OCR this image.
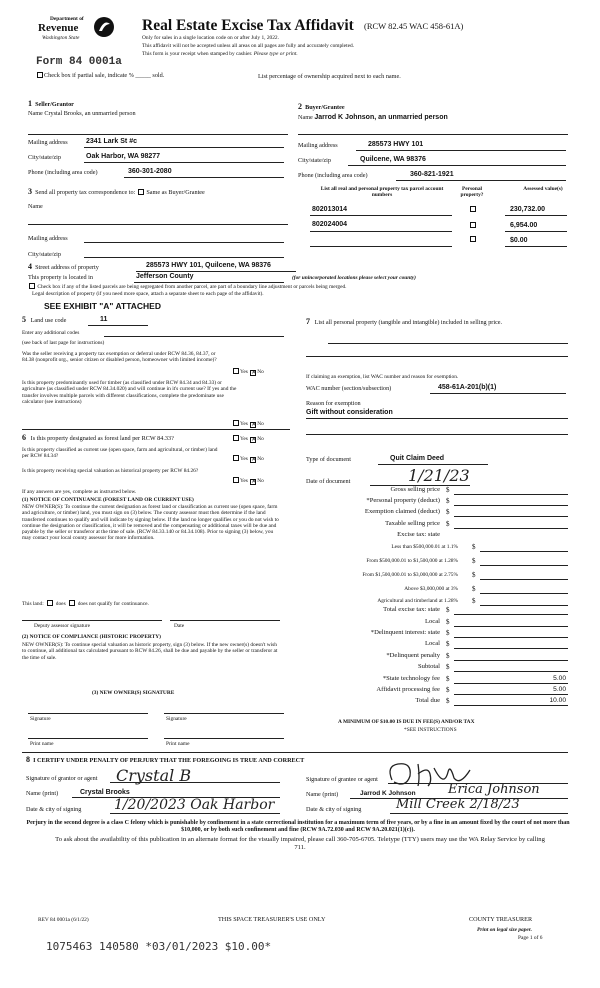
Department of
Revenue
Washington State
Real Estate Excise Tax Affidavit (RCW 82.45 WAC 458-61A)
Only for sales in a single location code on or after July 1, 2022.
This affidavit will not be accepted unless all areas on all pages are fully and accurately completed.
This form is your receipt when stamped by cashier. Please type or print.
Form 84 0001a
Check box if partial sale, indicate % _____ sold.	List percentage of ownership acquired next to each name.
1 Seller/Grantor
Name Crystal Brooks, an unmarried person
Mailing address	2341 Lark St #c
City/state/zip	Oak Harbor, WA 98277
Phone (including area code)	360-301-2080
2 Buyer/Grantee
Name Jarrod K Johnson, an unmarried person
Mailing address	285573 HWY 101
City/state/zip	Quilcene, WA 98376
Phone (including area code)	360-821-1921
3 Send all property tax correspondence to: Same as Buyer/Grantee
Name
Mailing address
City/state/zip
List all real and personal property tax parcel account numbers
Personal property?
Assessed value(s)
802013014	230,732.00
802024004	6,954.00
$0.00
4 Street address of property	285573 HWY 101, Quilcene, WA 98376
This property is located in	Jefferson County	(for unincorporated locations please select your county)
Check box if any of the listed parcels are being segregated from another parcel, are part of a boundary line adjustment or parcels being merged.
Legal description of property (if you need more space, attach a separate sheet to each page of the affidavit).
SEE EXHIBIT "A" ATTACHED
5 Land use code	11
Enter any additional codes
(see back of last page for instructions)
Was the seller receiving a property tax exemption or deferral under RCW 84.36, 84.37, or 84.38 (nonprofit org., senior citizen or disabled person, homeowner with limited income)?
Yes ✕No
Is this property predominantly used for timber (as classified under RCW 84.34 and 84.33) or agriculture (as classified under RCW 84.34.020) and will continue in it's current use? If yes and the transfer involves multiple parcels with different classifications, complete the predominate use calculator (see instructions)
Yes ✕No
6 Is this property designated as forest land per RCW 84.33?	Yes ✕No
Is this property classified as current use (open space, farm and agricultural, or timber) land per RCW 84.34?	Yes ✕No
Is this property receiving special valuation as historical property per RCW 84.26?
Yes ✕No
If any answers are yes, complete as instructed below.
(1) NOTICE OF CONTINUANCE (FOREST LAND OR CURRENT USE)
NEW OWNER(S): To continue the current designation as forest land or classification as current use (open space, farm and agriculture, or timber) land, you must sign on (3) below. The county assessor must then determine if the land transferred continues to qualify and will indicate by signing below. If the land no longer qualifies or you do not wish to continue the designation or classification, it will be removed and the compensating or additional taxes will be due and payable by the seller or transferor at the time of sale. (RCW 84.33.140 or 84.34.108). Prior to signing (3) below, you may contact your local county assessor for more information.
This land: does does not qualify for continuance.
Deputy assessor signature	Date
(2) NOTICE OF COMPLIANCE (HISTORIC PROPERTY)
NEW OWNER(S): To continue special valuation as historic property, sign (3) below. If the new owner(s) doesn't wish to continue, all additional tax calculated pursuant to RCW 84.26, shall be due and payable by the seller or transferor at the time of sale.
(3) NEW OWNER(S) SIGNATURE
Signature	Signature
Print name	Print name
7 List all personal property (tangible and intangible) included in selling price.
If claiming an exemption, list WAC number and reason for exemption.
WAC number (section/subsection)	458-61A-201(b)(1)
Reason for exemption
Gift without consideration
Type of document	Quit Claim Deed
Date of document	1/21/23
Gross selling price $
*Personal property (deduct) $
Exemption claimed (deduct) $
Taxable selling price $
Excise tax: state
Less than $500,000.01 at 1.1% $
From $500,000.01 to $1,500,000 at 1.28% $
From $1,500,000.01 to $3,000,000 at 2.75% $
Above $3,000,000 at 3% $
Agricultural and timberland at 1.28% $
Total excise tax: state $
Local $
*Delinquent interest: state $
Local $
*Delinquent penalty $
Subtotal $
*State technology fee $	5.00
Affidavit processing fee $	5.00
Total due $	10.00
A MINIMUM OF $10.00 IS DUE IN FEE(S) AND/OR TAX
*SEE INSTRUCTIONS
8 I CERTIFY UNDER PENALTY OF PERJURY THAT THE FOREGOING IS TRUE AND CORRECT
Signature of grantor or agent Crystal B
Name (print)	Crystal Brooks
Date & city of signing 1/20/2023 Oak Harbor
Signature of grantee or agent
Name (print)	Jarrod K Johnson Erica Johnson
Date & city of signing	Mill Creek 2/18/23
Perjury in the second degree is a class C felony which is punishable by confinement in a state correctional institution for a maximum term of five years, or by a fine in an amount fixed by the court of not more than $10,000, or by both such confinement and fine (RCW 9A.72.030 and RCW 9A.20.021(1)(c)).
To ask about the availability of this publication in an alternate format for the visually impaired, please call 360-705-6705. Teletype (TTY) users may use the WA Relay Service by calling 711.
REV 84 0001a (6/1/22)	THIS SPACE TREASURER'S USE ONLY	COUNTY TREASURER
Print on legal size paper.
Page 1 of 6
1075463 140580 *03/01/2023 $10.00*
